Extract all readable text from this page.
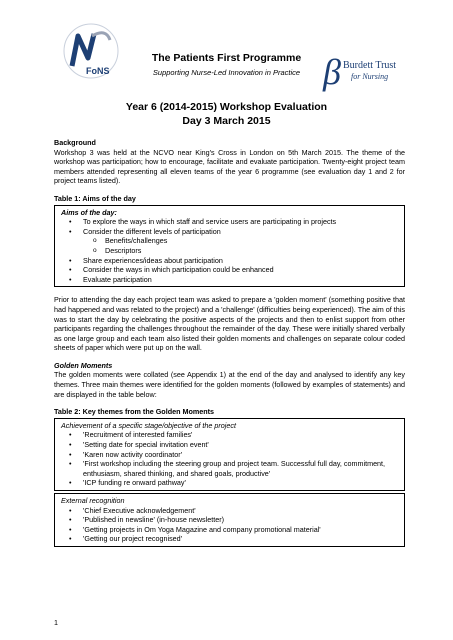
FoNS
The Patients First Programme
Supporting Nurse-Led Innovation in Practice β Burdett Trust
for Nursing
Year 6 (2014-2015) Workshop Evaluation
Day 3 March 2015
Background

Workshop 3 was held at the NCVO near King's Cross in London on 5th March 2015. The theme of the workshop was participation; how to encourage, facilitate and evaluate participation. Twenty-eight project team members attended representing all eleven teams of the year 6 programme (see evaluation day 1 and 2 for project teams listed).

Table 1: Aims of the day
Aims of the day:
• To explore the ways in which staff and service users are participating in projects
• Consider the different levels of participation
o Benefits/challenges
o Descriptors
• Share experiences/ideas about participation
• Consider the ways in which participation could be enhanced
• Evaluate participation

Prior to attending the day each project team was asked to prepare a 'golden moment' (something positive that had happened and was related to the project) and a 'challenge' (difficulties being experienced). The aim of this was to start the day by celebrating the positive aspects of the projects and then to enlist support from other participants regarding the challenges throughout the remainder of the day. These were initially shared verbally as one large group and each team also listed their golden moments and challenges on separate colour coded sheets of paper which were put up on the wall.

Golden Moments

The golden moments were collated (see Appendix 1) at the end of the day and analysed to identify any key themes. Three main themes were identified for the golden moments (followed by examples of statements) and are displayed in the table below:

Table 2: Key themes from the Golden Moments
Achievement of a specific stage/objective of the project
• 'Recruitment of interested families'
• 'Setting date for special invitation event'
• 'Karen now activity coordinator'
• 'First workshop including the steering group and project team. Successful full day, commitment, enthusiasm, shared thinking, and shared goals, productive'
• 'ICP funding re onward pathway'
External recognition
• 'Chief Executive acknowledgement'
• 'Published in newsline' (in-house newsletter)
• 'Getting projects in Om Yoga Magazine and company promotional material'
• 'Getting our project recognised'
1
